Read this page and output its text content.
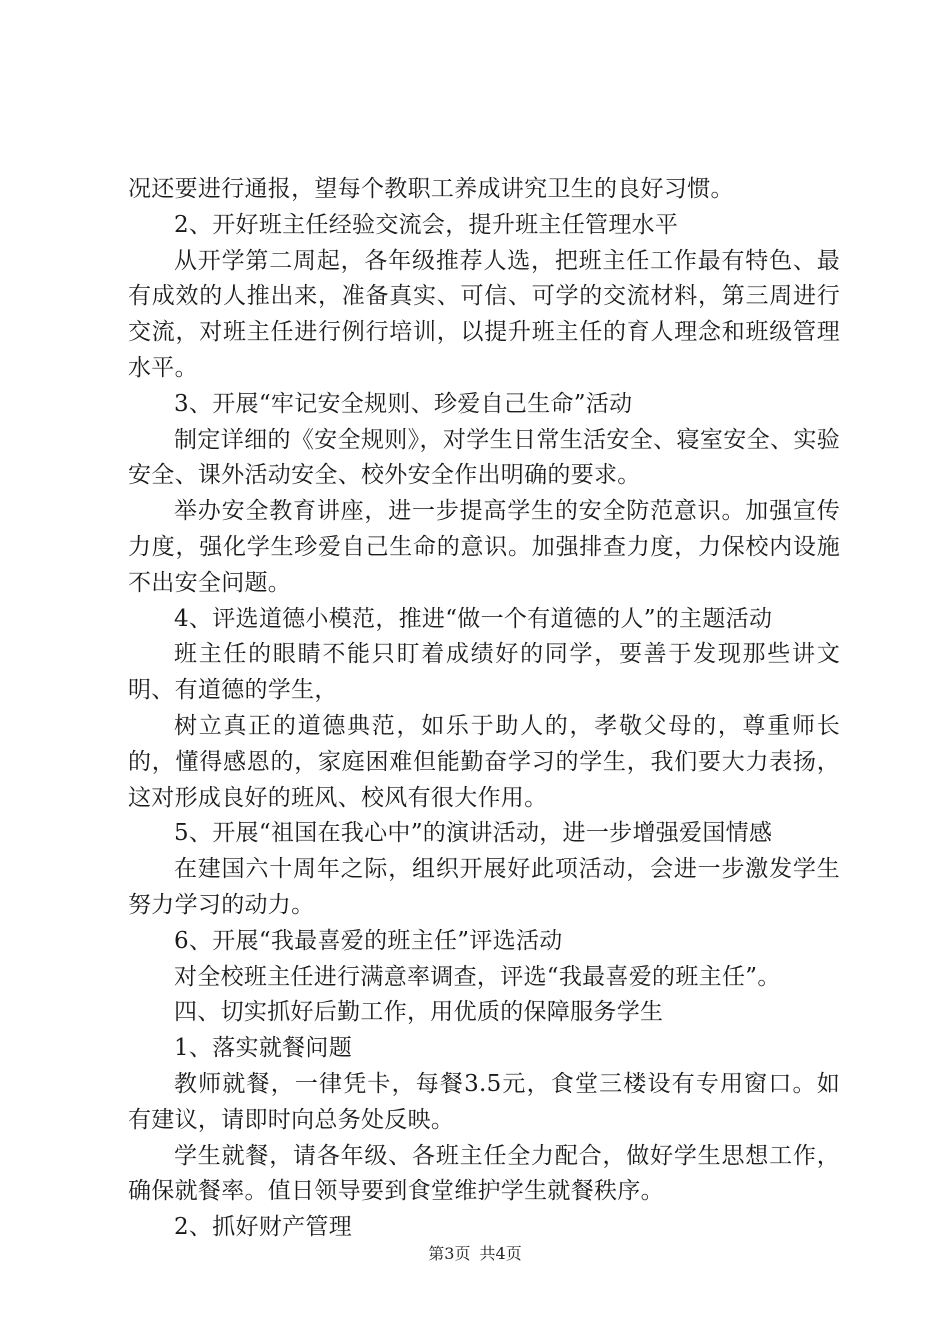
况还要进行通报，望每个教职工养成讲究卫生的良好习惯。

2、开好班主任经验交流会，提升班主任管理水平

从开学第二周起，各年级推荐人选，把班主任工作最有特色、最有成效的人推出来，准备真实、可信、可学的交流材料，第三周进行交流，对班主任进行例行培训，以提升班主任的育人理念和班级管理水平。

3、开展“牢记安全规则、珍爱自己生命”活动

制定详细的《安全规则》，对学生日常生活安全、寝室安全、实验安全、课外活动安全、校外安全作出明确的要求。

举办安全教育讲座，进一步提高学生的安全防范意识。加强宣传力度，强化学生珍爱自己生命的意识。加强排查力度，力保校内设施不出安全问题。

4、评选道德小模范，推进“做一个有道德的人”的主题活动

班主任的眼睛不能只盯着成绩好的同学，要善于发现那些讲文明、有道德的学生，

树立真正的道德典范，如乐于助人的，孝敬父母的，尊重师长的，懂得感恩的，家庭困难但能勤奋学习的学生，我们要大力表扬，这对形成良好的班风、校风有很大作用。

5、开展“祖国在我心中”的演讲活动，进一步增强爱国情感

在建国六十周年之际，组织开展好此项活动，会进一步激发学生努力学习的动力。

6、开展“我最喜爱的班主任”评选活动

对全校班主任进行满意率调查，评选“我最喜爱的班主任”。

四、切实抓好后勤工作，用优质的保障服务学生

1、落实就餐问题

教师就餐，一律凭卡，每餐3.5元，食堂三楼设有专用窗口。如有建议，请即时向总务处反映。

学生就餐，请各年级、各班主任全力配合，做好学生思想工作，确保就餐率。值日领导要到食堂维护学生就餐秩序。

2、抓好财产管理

第3页 共4页
